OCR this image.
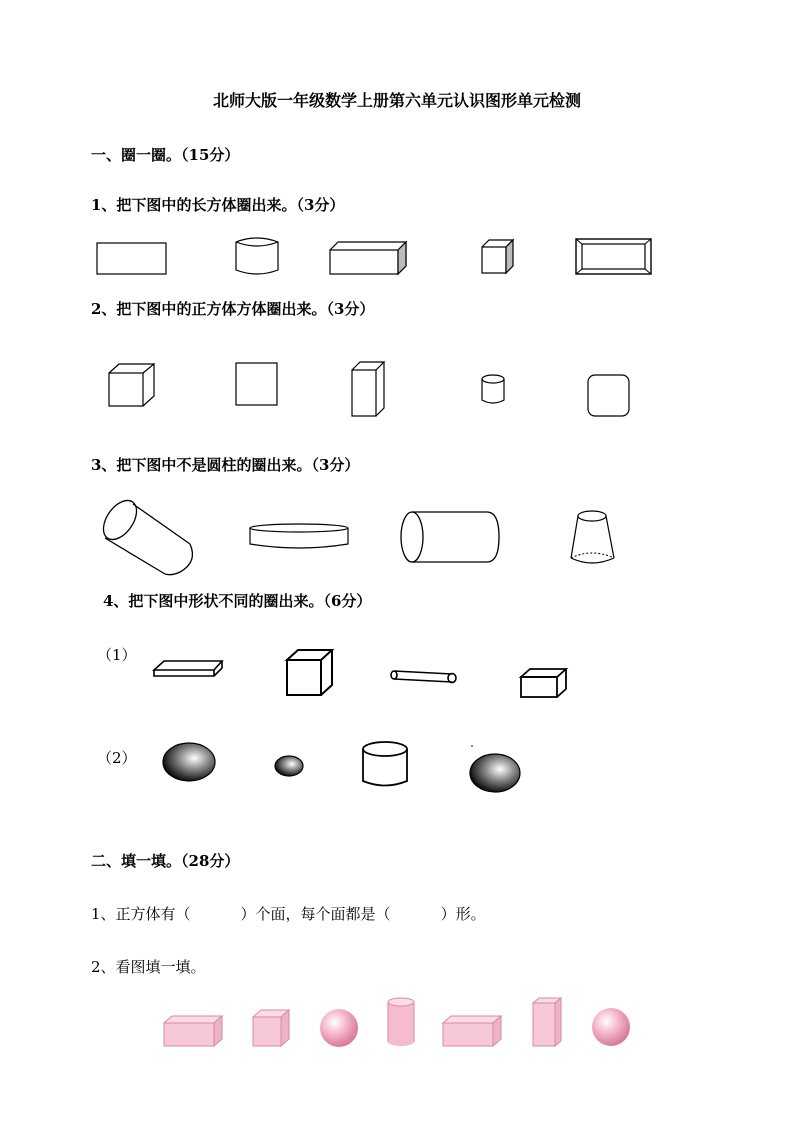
北师大版一年级数学上册第六单元认识图形单元检测
一、圈一圈。（15分）
1、把下图中的长方体圈出来。（3分）
2、把下图中的正方体方体圈出来。（3分）
3、把下图中不是圆柱的圈出来。（3分）
4、把下图中形状不同的圈出来。（6分）
（1）
（2）
二、填一填。（28分）
1、正方体有（	）个面，每个面都是（	）形。
2、看图填一填。
